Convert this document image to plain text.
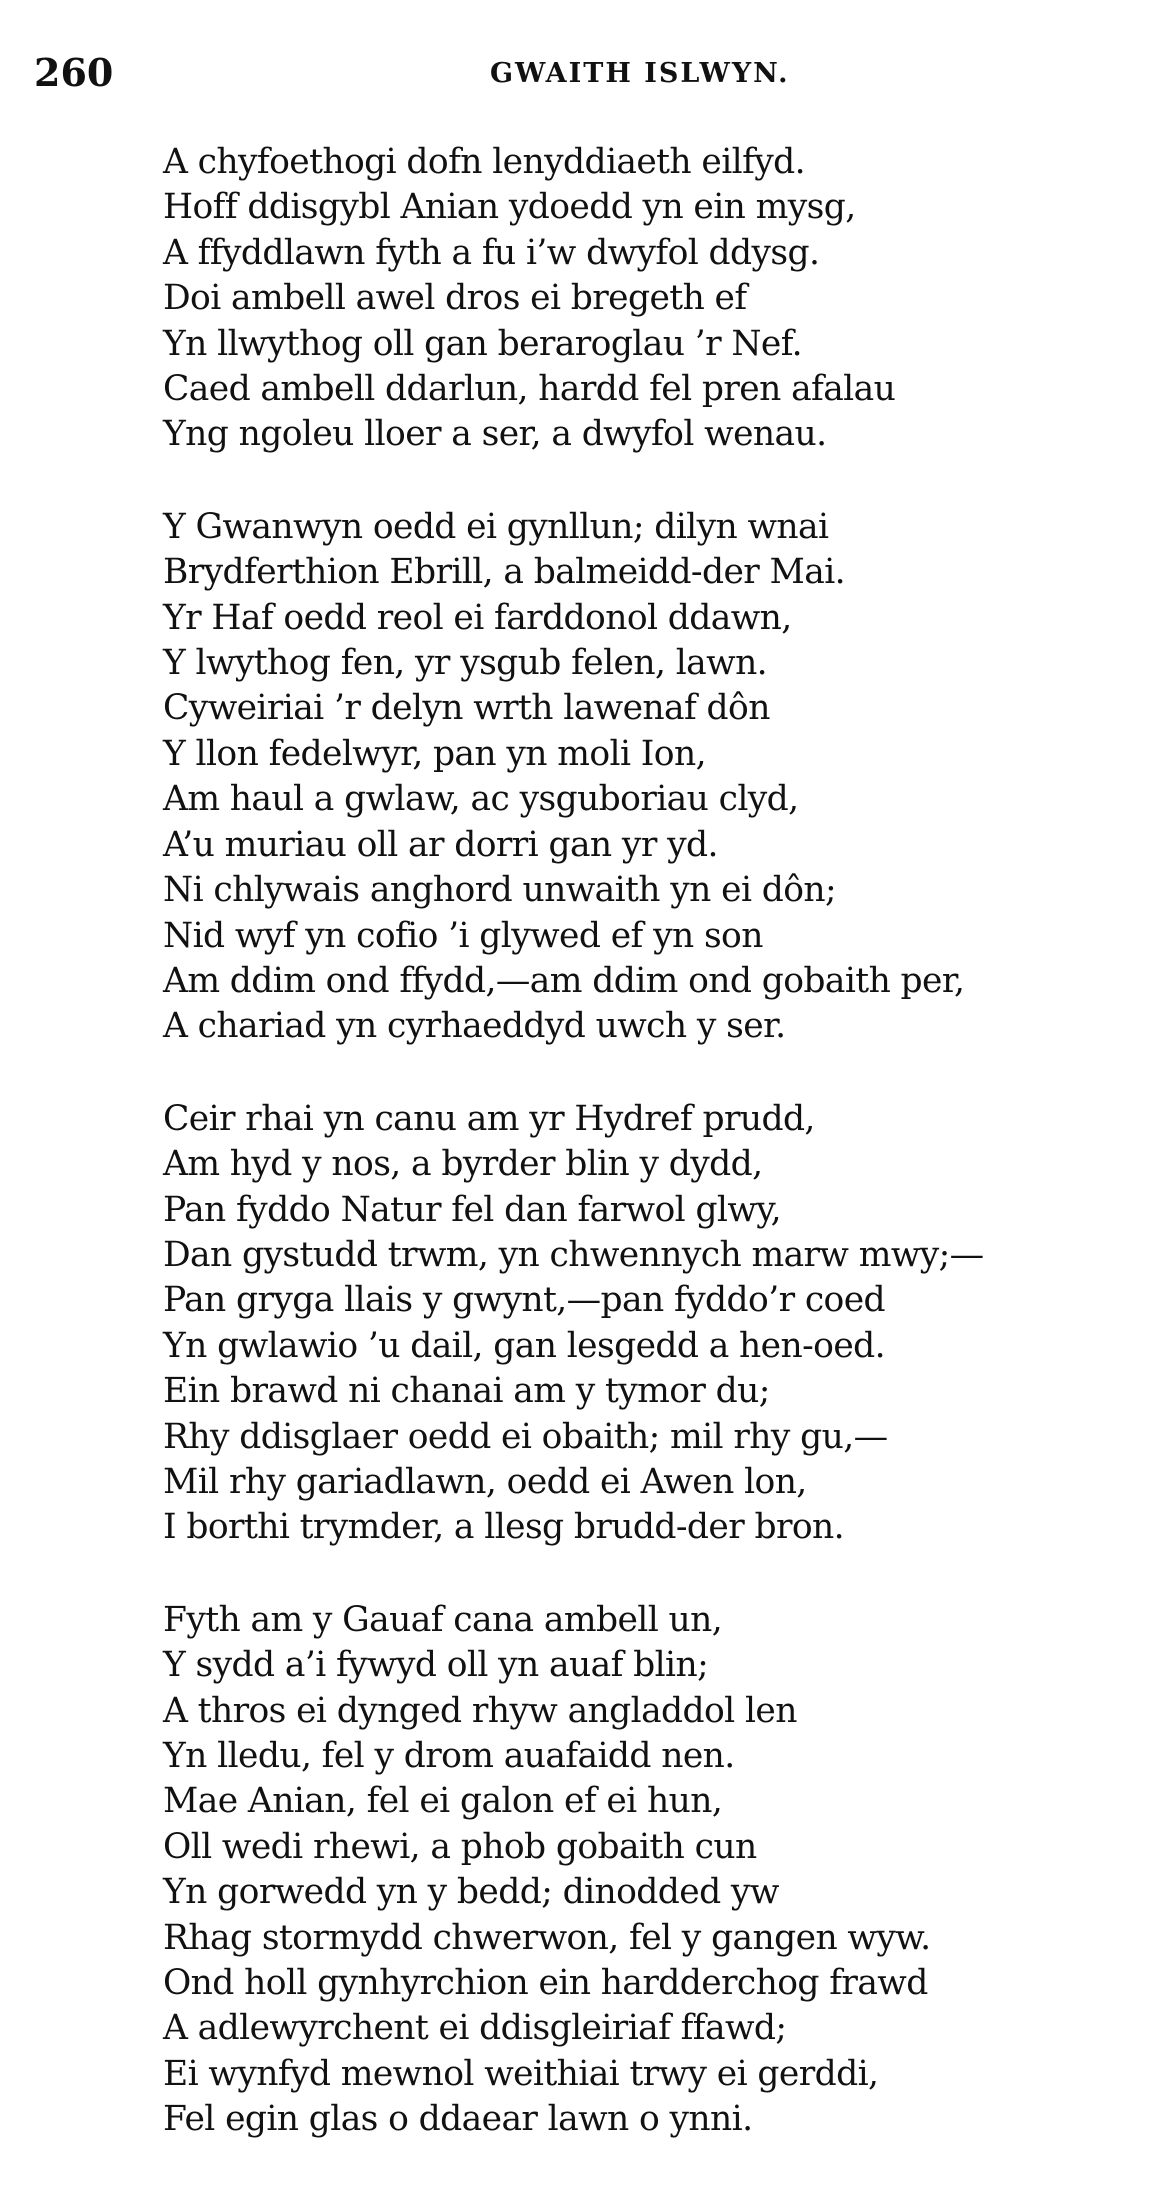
260	GWAITH ISLWYN.
A chyfoethogi dofn lenyddiaeth eilfyd.
Hoff ddisgybl Anian ydoedd yn ein mysg,
A ffyddlawn fyth a fu i’w dwyfol ddysg.
Doi ambell awel dros ei bregeth ef
Yn llwythog oll gan beraroglau ’r Nef.
Caed ambell ddarlun, hardd fel pren afalau
Yng ngoleu lloer a ser, a dwyfol wenau.
Y Gwanwyn oedd ei gynllun; dilyn wnai
Brydferthion Ebrill, a balmeidd-der Mai.
Yr Haf oedd reol ei farddonol ddawn,
Y lwythog fen, yr ysgub felen, lawn.
Cyweiriai ’r delyn wrth lawenaf dôn
Y llon fedelwyr, pan yn moli Ion,
Am haul a gwlaw, ac ysguboriau clyd,
A’u muriau oll ar dorri gan yr yd.
Ni chlywais anghord unwaith yn ei dôn;
Nid wyf yn cofio ’i glywed ef yn son
Am ddim ond ffydd,—am ddim ond gobaith per,
A chariad yn cyrhaeddyd uwch y ser.
Ceir rhai yn canu am yr Hydref prudd,
Am hyd y nos, a byrder blin y dydd,
Pan fyddo Natur fel dan farwol glwy,
Dan gystudd trwm, yn chwennych marw mwy;—
Pan gryga llais y gwynt,—pan fyddo’r coed
Yn gwlawio ’u dail, gan lesgedd a hen-oed.
Ein brawd ni chanai am y tymor du;
Rhy ddisglaer oedd ei obaith; mil rhy gu,—
Mil rhy gariadlawn, oedd ei Awen lon,
I borthi trymder, a llesg brudd-der bron.
Fyth am y Gauaf cana ambell un,
Y sydd a’i fywyd oll yn auaf blin;
A thros ei dynged rhyw angladdol len
Yn lledu, fel y drom auafaidd nen.
Mae Anian, fel ei galon ef ei hun,
Oll wedi rhewi, a phob gobaith cun
Yn gorwedd yn y bedd; dinodded yw
Rhag stormydd chwerwon, fel y gangen wyw.
Ond holl gynhyrchion ein hardderchog frawd
A adlewyrchent ei ddisgleiriaf ffawd;
Ei wynfyd mewnol weithiai trwy ei gerddi,
Fel egin glas o ddaear lawn o ynni.
